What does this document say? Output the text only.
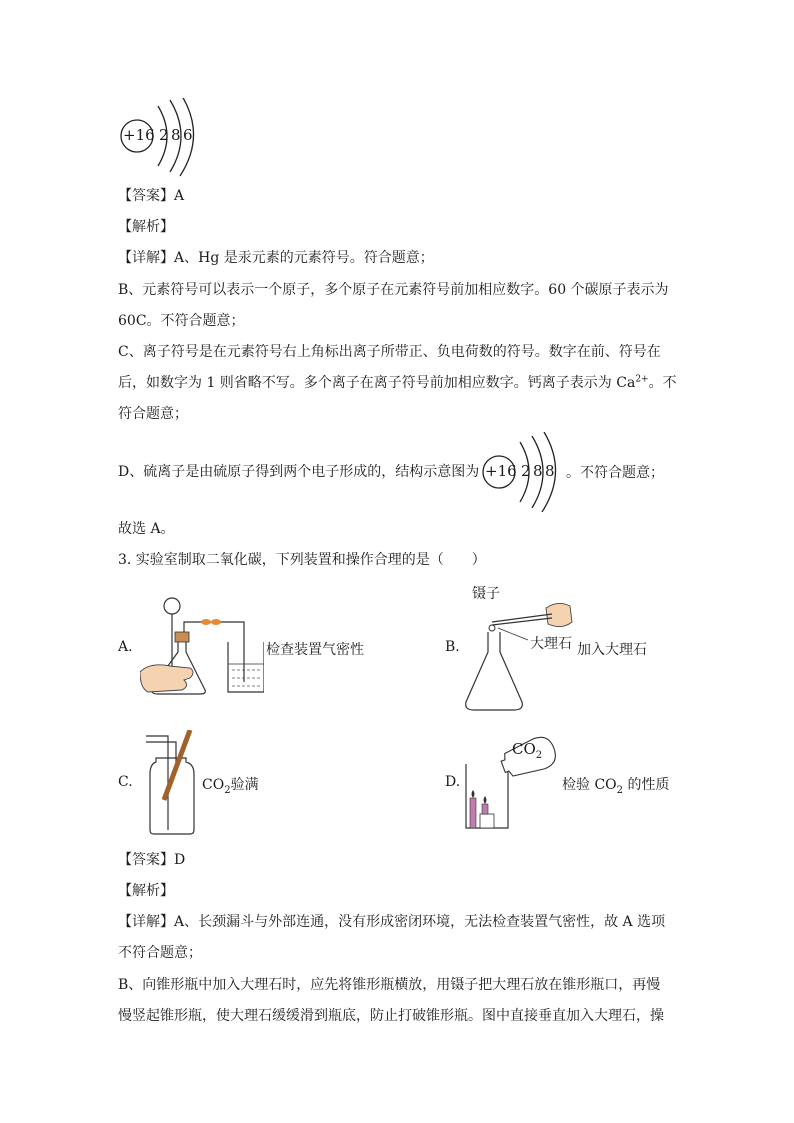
+16 2 8 6
【答案】A
【解析】
【详解】A、Hg 是汞元素的元素符号。符合题意；
B、元素符号可以表示一个原子，多个原子在元素符号前加相应数字。60 个碳原子表示为
60C。不符合题意；
C、离子符号是在元素符号右上角标出离子所带正、负电荷数的符号。数字在前、符号在
后，如数字为 1 则省略不写。多个离子在离子符号前加相应数字。钙离子表示为 $Ca^{2+}$。不
符合题意；
D、硫离子是由硫原子得到两个电子形成的，结构示意图为 +16 2 8 8 。不符合题意；
故选 A。
3. 实验室制取二氧化碳，下列装置和操作合理的是（　　）
A.	检查装置气密性	B.
镊子
大理石 加入大理石
C.	$CO_2$验满	D.
$CO_2$
检验 $CO_2$ 的性质
【答案】D
【解析】
【详解】A、长颈漏斗与外部连通，没有形成密闭环境，无法检查装置气密性，故 A 选项
不符合题意；
B、向锥形瓶中加入大理石时，应先将锥形瓶横放，用镊子把大理石放在锥形瓶口，再慢
慢竖起锥形瓶，使大理石缓缓滑到瓶底，防止打破锥形瓶。图中直接垂直加入大理石，操
